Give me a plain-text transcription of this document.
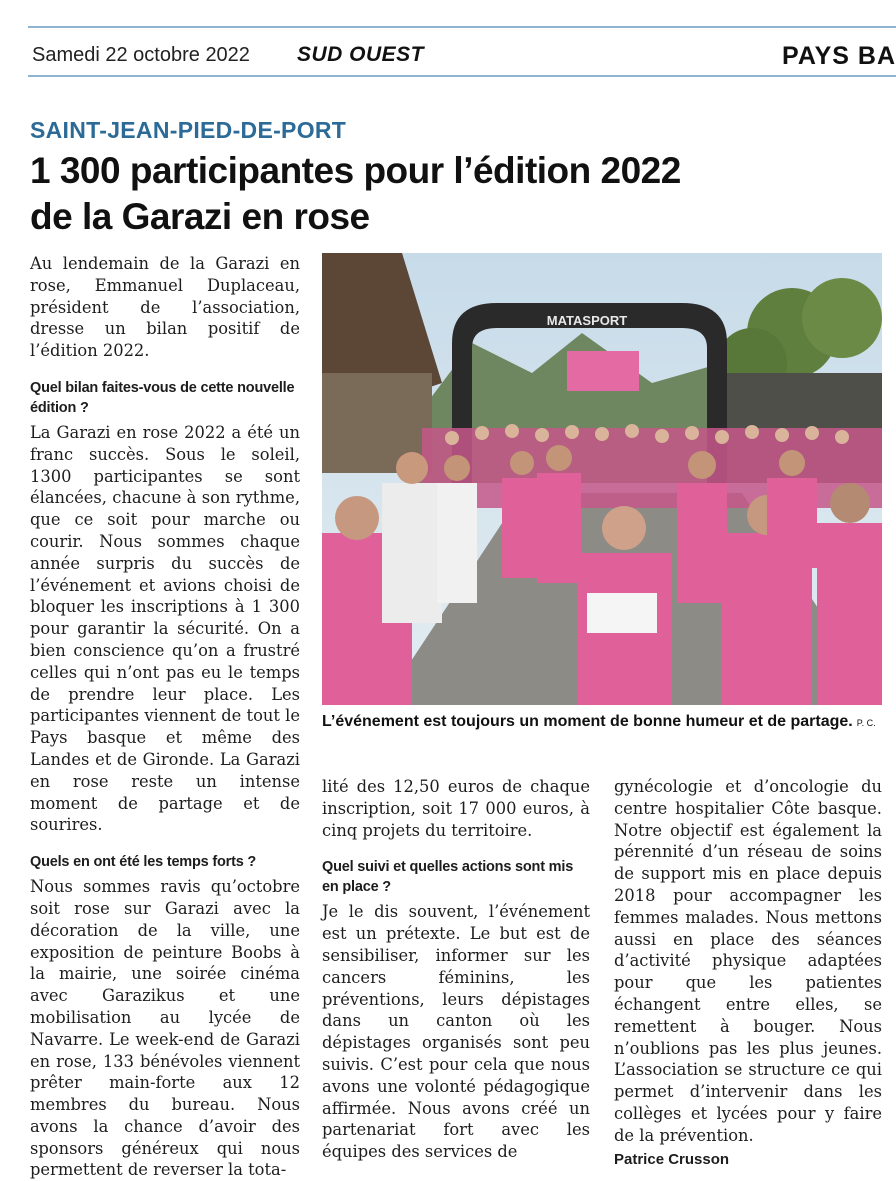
Samedi 22 octobre 2022 SUD OUEST	PAYS BA
SAINT-JEAN-PIED-DE-PORT
1 300 participantes pour l’édition 2022
de la Garazi en rose

Au lendemain de la Garazi en rose, Emmanuel Duplaceau, président de l’association, dresse un bilan positif de l’édition 2022.

Quel bilan faites-vous de cette nouvelle édition ?

La Garazi en rose 2022 a été un franc succès. Sous le soleil, 1300 participantes se sont élancées, chacune à son rythme, que ce soit pour marche ou courir. Nous sommes chaque année surpris du succès de l’événement et avions choisi de bloquer les inscriptions à 1 300 pour garantir la sécurité. On a bien conscience qu’on a frustré celles qui n’ont pas eu le temps de prendre leur place. Les participantes viennent de tout le Pays basque et même des Landes et de Gironde. La Garazi en rose reste un intense moment de partage et de sourires.

Quels en ont été les temps forts ?

Nous sommes ravis qu’octobre soit rose sur Garazi avec la décoration de la ville, une exposition de peinture Boobs à la mairie, une soirée cinéma avec Garazikus et une mobilisation au lycée de Navarre. Le week-end de Garazi en rose, 133 bénévoles viennent prêter main-forte aux 12 membres du bureau. Nous avons la chance d’avoir des sponsors généreux qui nous permettent de reverser la tota-

MATASPORT
L’événement est toujours un moment de bonne humeur et de partage. P. C.

lité des 12,50 euros de chaque inscription, soit 17 000 euros, à cinq projets du territoire.

Quel suivi et quelles actions sont mis en place ?

Je le dis souvent, l’événement est un prétexte. Le but est de sensibiliser, informer sur les cancers féminins, les préventions, leurs dépistages dans un canton où les dépistages organisés sont peu suivis. C’est pour cela que nous avons une volonté pédagogique affirmée. Nous avons créé un partenariat fort avec les équipes des services de

gynécologie et d’oncologie du centre hospitalier Côte basque. Notre objectif est également la pérennité d’un réseau de soins de support mis en place depuis 2018 pour accompagner les femmes malades. Nous mettons aussi en place des séances d’activité physique adaptées pour que les patientes échangent entre elles, se remettent à bouger. Nous n’oublions pas les plus jeunes. L’association se structure ce qui permet d’intervenir dans les collèges et lycées pour y faire de la prévention.

Patrice Crusson
